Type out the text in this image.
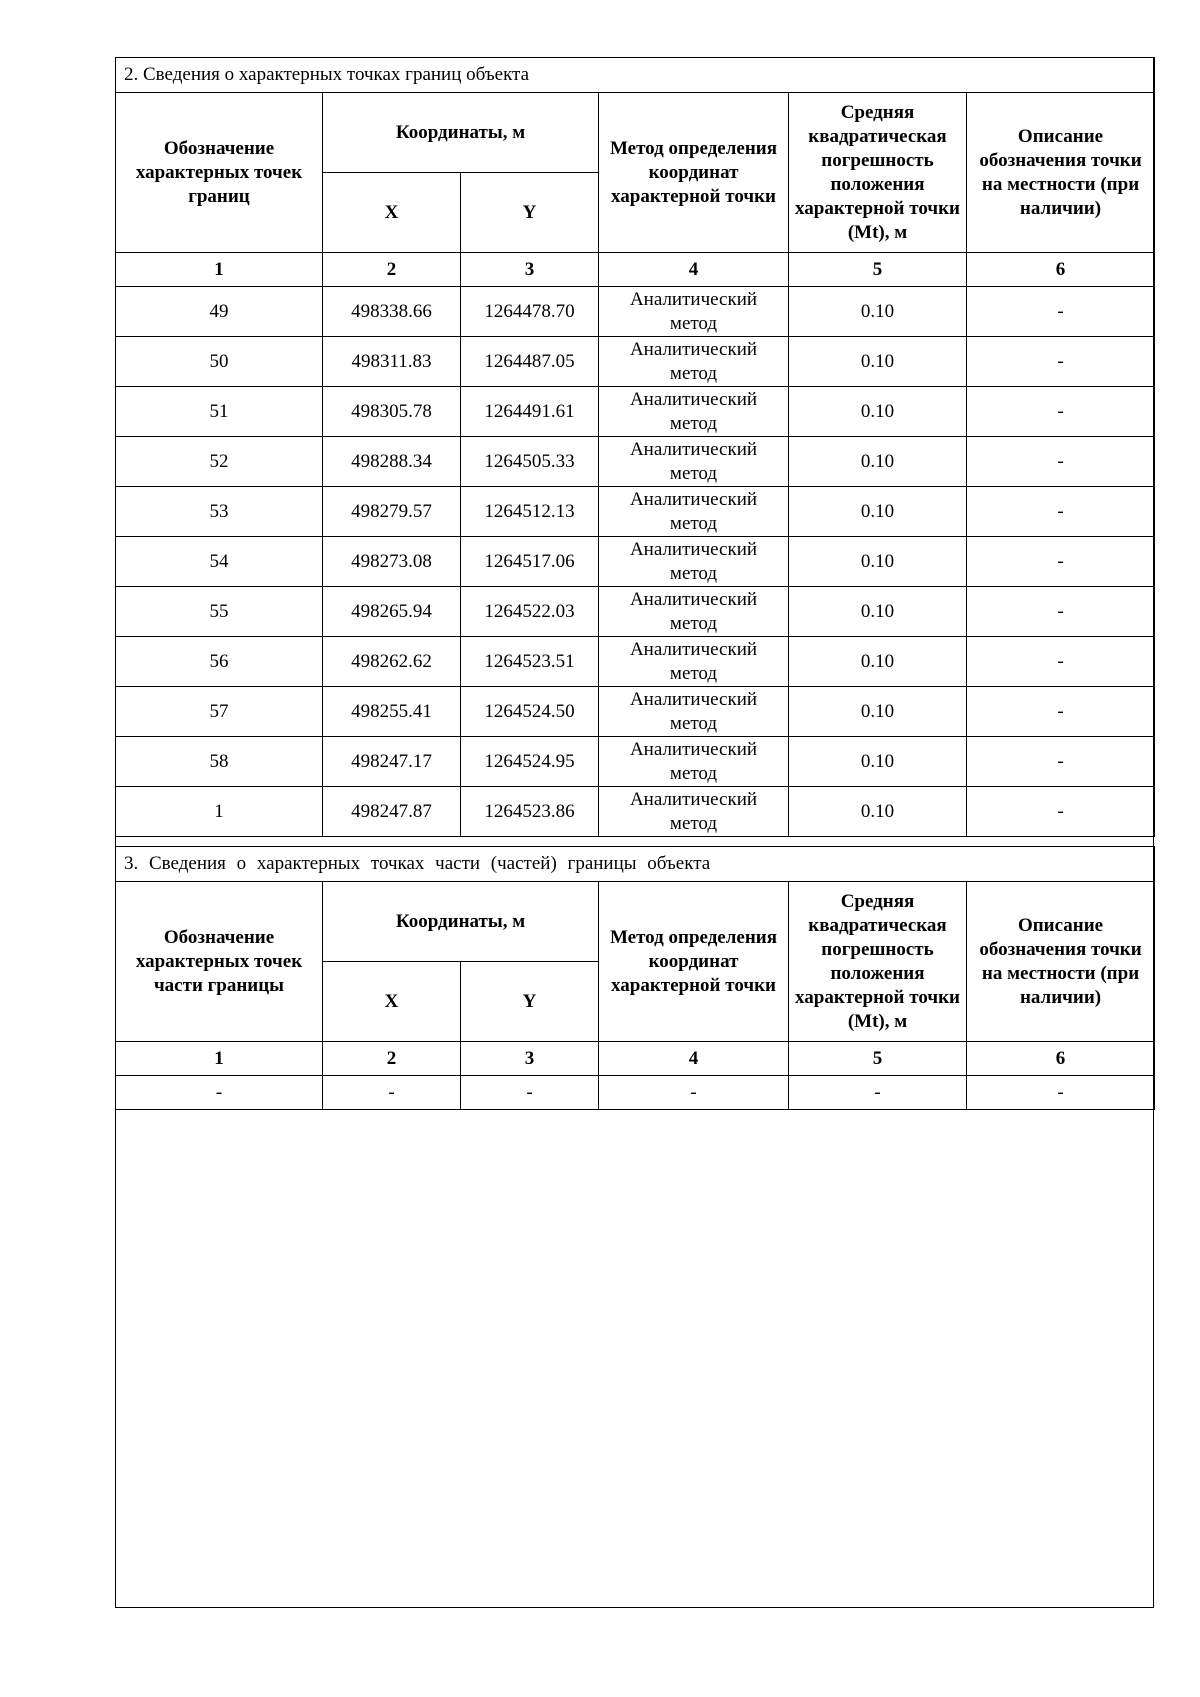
2. Сведения о характерных точках границ объекта					
Обозначение характерных точек границ	Координаты, м		Метод определения координат характерной точки	Средняя квадратическая погрешность положения характерной точки (Mt), м	Описание обозначения точки на местности (при наличии)
	X	Y			
1	2	3	4	5	6
49	498338.66	1264478.70	Аналитический метод	0.10	-
50	498311.83	1264487.05	Аналитический метод	0.10	-
51	498305.78	1264491.61	Аналитический метод	0.10	-
52	498288.34	1264505.33	Аналитический метод	0.10	-
53	498279.57	1264512.13	Аналитический метод	0.10	-
54	498273.08	1264517.06	Аналитический метод	0.10	-
55	498265.94	1264522.03	Аналитический метод	0.10	-
56	498262.62	1264523.51	Аналитический метод	0.10	-
57	498255.41	1264524.50	Аналитический метод	0.10	-
58	498247.17	1264524.95	Аналитический метод	0.10	-
1	498247.87	1264523.86	Аналитический метод	0.10	-
3. Сведения о характерных точках части (частей) границы объекта					
Обозначение характерных точек части границы	Координаты, м		Метод определения координат характерной точки	Средняя квадратическая погрешность положения характерной точки (Mt), м	Описание обозначения точки на местности (при наличии)
	X	Y			
1	2	3	4	5	6
-	-	-	-	-	-
